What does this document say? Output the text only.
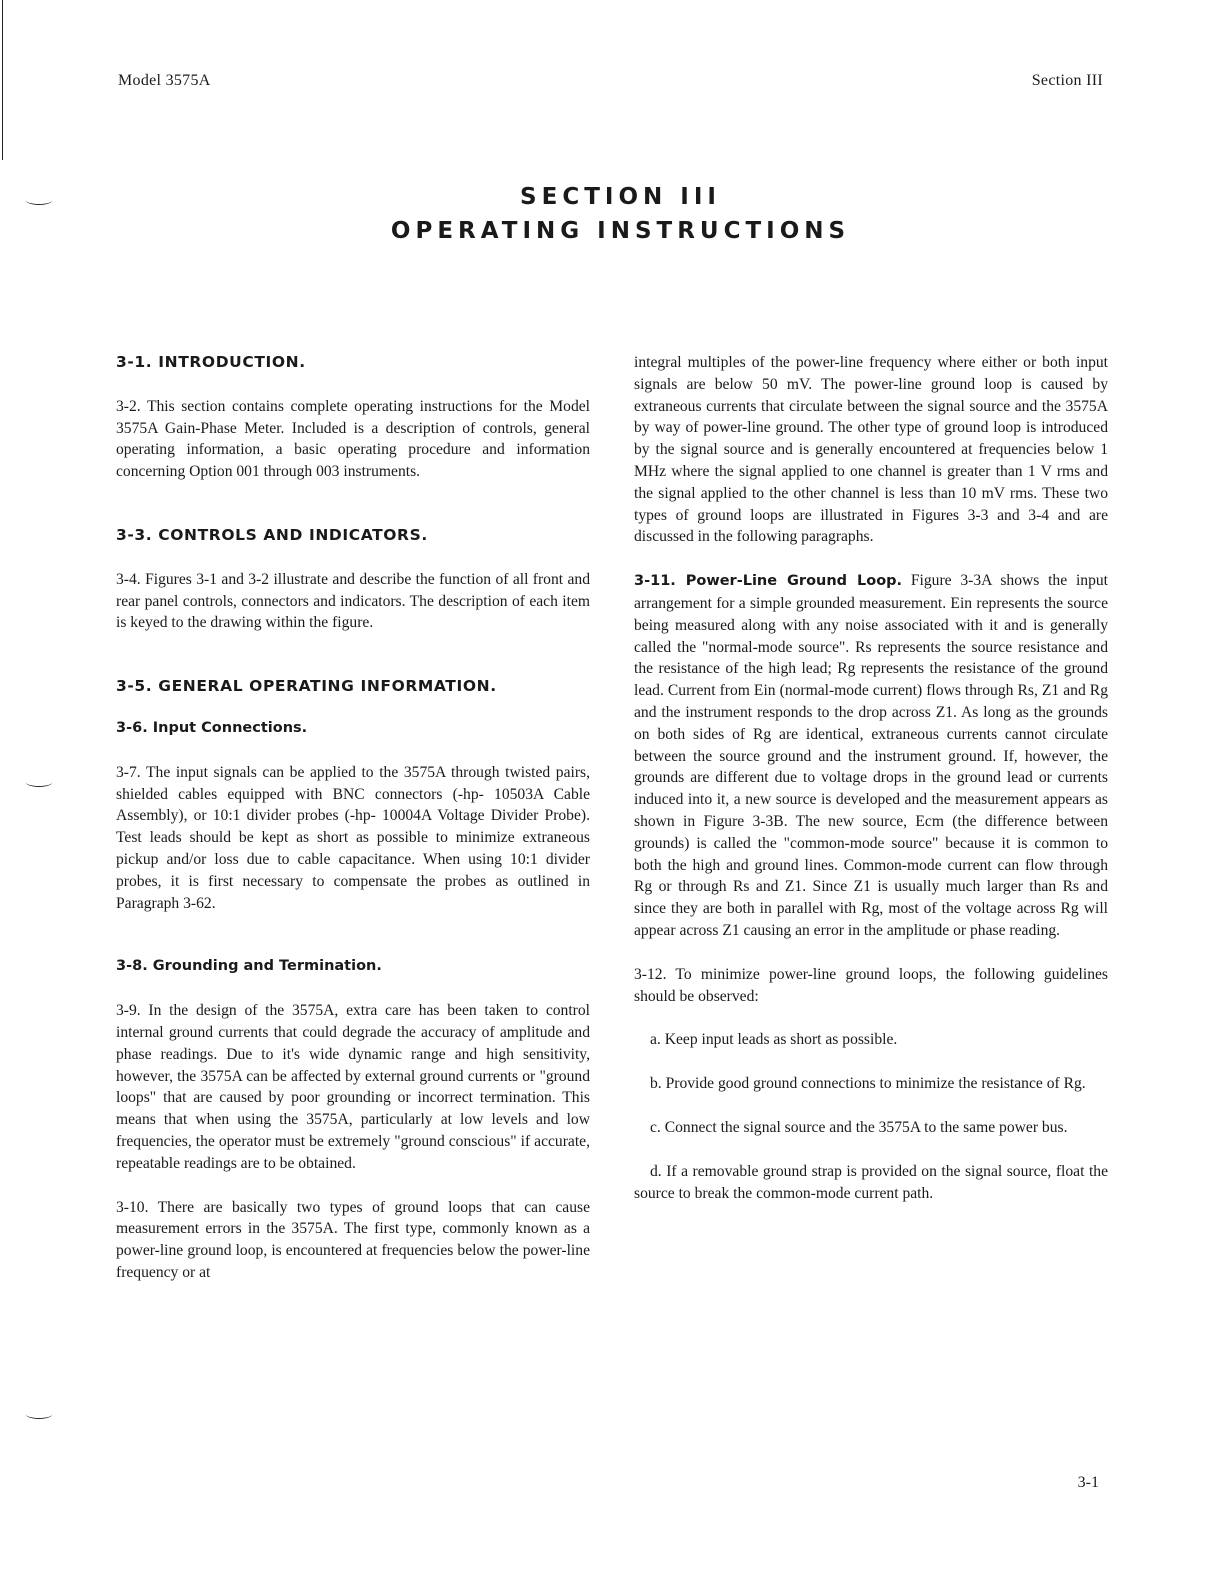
Model 3575A	Section III
SECTION III
OPERATING INSTRUCTIONS
3-1. INTRODUCTION.

3-2. This section contains complete operating instructions for the Model 3575A Gain-Phase Meter. Included is a description of controls, general operating information, a basic operating procedure and information concerning Option 001 through 003 instruments.

3-3. CONTROLS AND INDICATORS.

3-4. Figures 3-1 and 3-2 illustrate and describe the function of all front and rear panel controls, connectors and indicators. The description of each item is keyed to the drawing within the figure.

3-5. GENERAL OPERATING INFORMATION.
3-6. Input Connections.

3-7. The input signals can be applied to the 3575A through twisted pairs, shielded cables equipped with BNC connectors (-hp- 10503A Cable Assembly), or 10:1 divider probes (-hp- 10004A Voltage Divider Probe). Test leads should be kept as short as possible to minimize extraneous pickup and/or loss due to cable capacitance. When using 10:1 divider probes, it is first necessary to compensate the probes as outlined in Paragraph 3-62.

3-8. Grounding and Termination.

3-9. In the design of the 3575A, extra care has been taken to control internal ground currents that could degrade the accuracy of amplitude and phase readings. Due to it's wide dynamic range and high sensitivity, however, the 3575A can be affected by external ground currents or "ground loops" that are caused by poor grounding or incorrect termination. This means that when using the 3575A, particularly at low levels and low frequencies, the operator must be extremely "ground conscious" if accurate, repeatable readings are to be obtained.

3-10. There are basically two types of ground loops that can cause measurement errors in the 3575A. The first type, commonly known as a power-line ground loop, is encountered at frequencies below the power-line frequency or at

integral multiples of the power-line frequency where either or both input signals are below 50 mV. The power-line ground loop is caused by extraneous currents that circulate between the signal source and the 3575A by way of power-line ground. The other type of ground loop is introduced by the signal source and is generally encountered at frequencies below 1 MHz where the signal applied to one channel is greater than 1 V rms and the signal applied to the other channel is less than 10 mV rms. These two types of ground loops are illustrated in Figures 3-3 and 3-4 and are discussed in the following paragraphs.

3-11. Power-Line Ground Loop. Figure 3-3A shows the input arrangement for a simple grounded measurement. Ein represents the source being measured along with any noise associated with it and is generally called the "normal-mode source". Rs represents the source resistance and the resistance of the high lead; Rg represents the resistance of the ground lead. Current from Ein (normal-mode current) flows through Rs, Z1 and Rg and the instrument responds to the drop across Z1. As long as the grounds on both sides of Rg are identical, extraneous currents cannot circulate between the source ground and the instrument ground. If, however, the grounds are different due to voltage drops in the ground lead or currents induced into it, a new source is developed and the measurement appears as shown in Figure 3-3B. The new source, Ecm (the difference between grounds) is called the "common-mode source" because it is common to both the high and ground lines. Common-mode current can flow through Rg or through Rs and Z1. Since Z1 is usually much larger than Rs and since they are both in parallel with Rg, most of the voltage across Rg will appear across Z1 causing an error in the amplitude or phase reading.

3-12. To minimize power-line ground loops, the following guidelines should be observed:

a. Keep input leads as short as possible.

b. Provide good ground connections to minimize the resistance of Rg.

c. Connect the signal source and the 3575A to the same power bus.

d. If a removable ground strap is provided on the signal source, float the source to break the common-mode current path.

3-1
